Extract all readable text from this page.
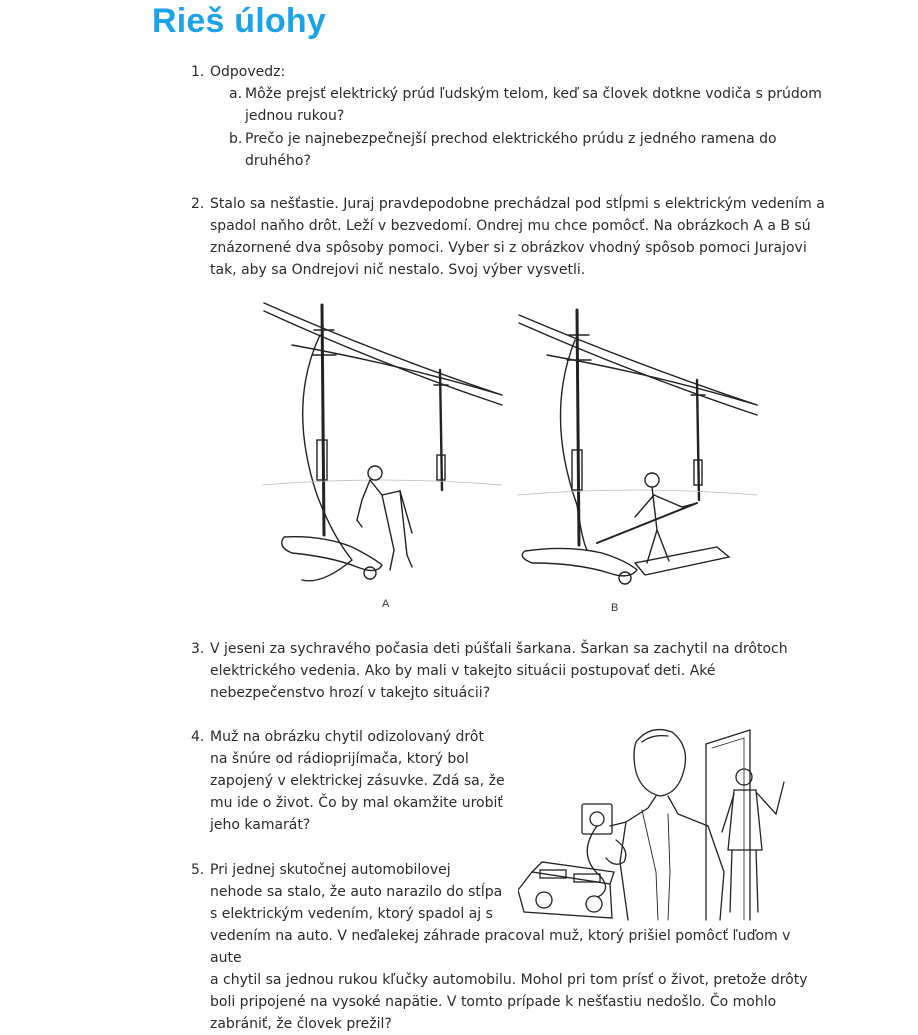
Rieš úlohy
1. Odpovedz:
a. Môže prejsť elektrický prúd ľudským telom, keď sa človek dotkne vodiča s prúdom
jednou rukou?
b. Prečo je najnebezpečnejší prechod elektrického prúdu z jedného ramena do
druhého?
2. Stalo sa nešťastie. Juraj pravdepodobne prechádzal pod stĺpmi s elektrickým vedením a
spadol naňho drôt. Leží v bezvedomí. Ondrej mu chce pomôcť. Na obrázkoch A a B sú
znázornené dva spôsoby pomoci. Vyber si z obrázkov vhodný spôsob pomoci Jurajovi
tak, aby sa Ondrejovi nič nestalo. Svoj výber vysvetli.
A	B
3. V jeseni za sychravého počasia deti púšťali šarkana. Šarkan sa zachytil na drôtoch
elektrického vedenia. Ako by mali v takejto situácii postupovať deti. Aké
nebezpečenstvo hrozí v takejto situácii?
4. Muž na obrázku chytil odizolovaný drôt
na šnúre od rádioprijímača, ktorý bol
zapojený v elektrickej zásuvke. Zdá sa, že
mu ide o život. Čo by mal okamžite urobiť
jeho kamarát?
5. Pri jednej skutočnej automobilovej
nehode sa stalo, že auto narazilo do stĺpa
s elektrickým vedením, ktorý spadol aj s
vedením na auto. V neďalekej záhrade pracoval muž, ktorý prišiel pomôcť ľuďom v aute
a chytil sa jednou rukou kľučky automobilu. Mohol pri tom prísť o život, pretože drôty
boli pripojené na vysoké napätie. V tomto prípade k nešťastiu nedošlo. Čo mohlo
zabrániť, že človek prežil?
